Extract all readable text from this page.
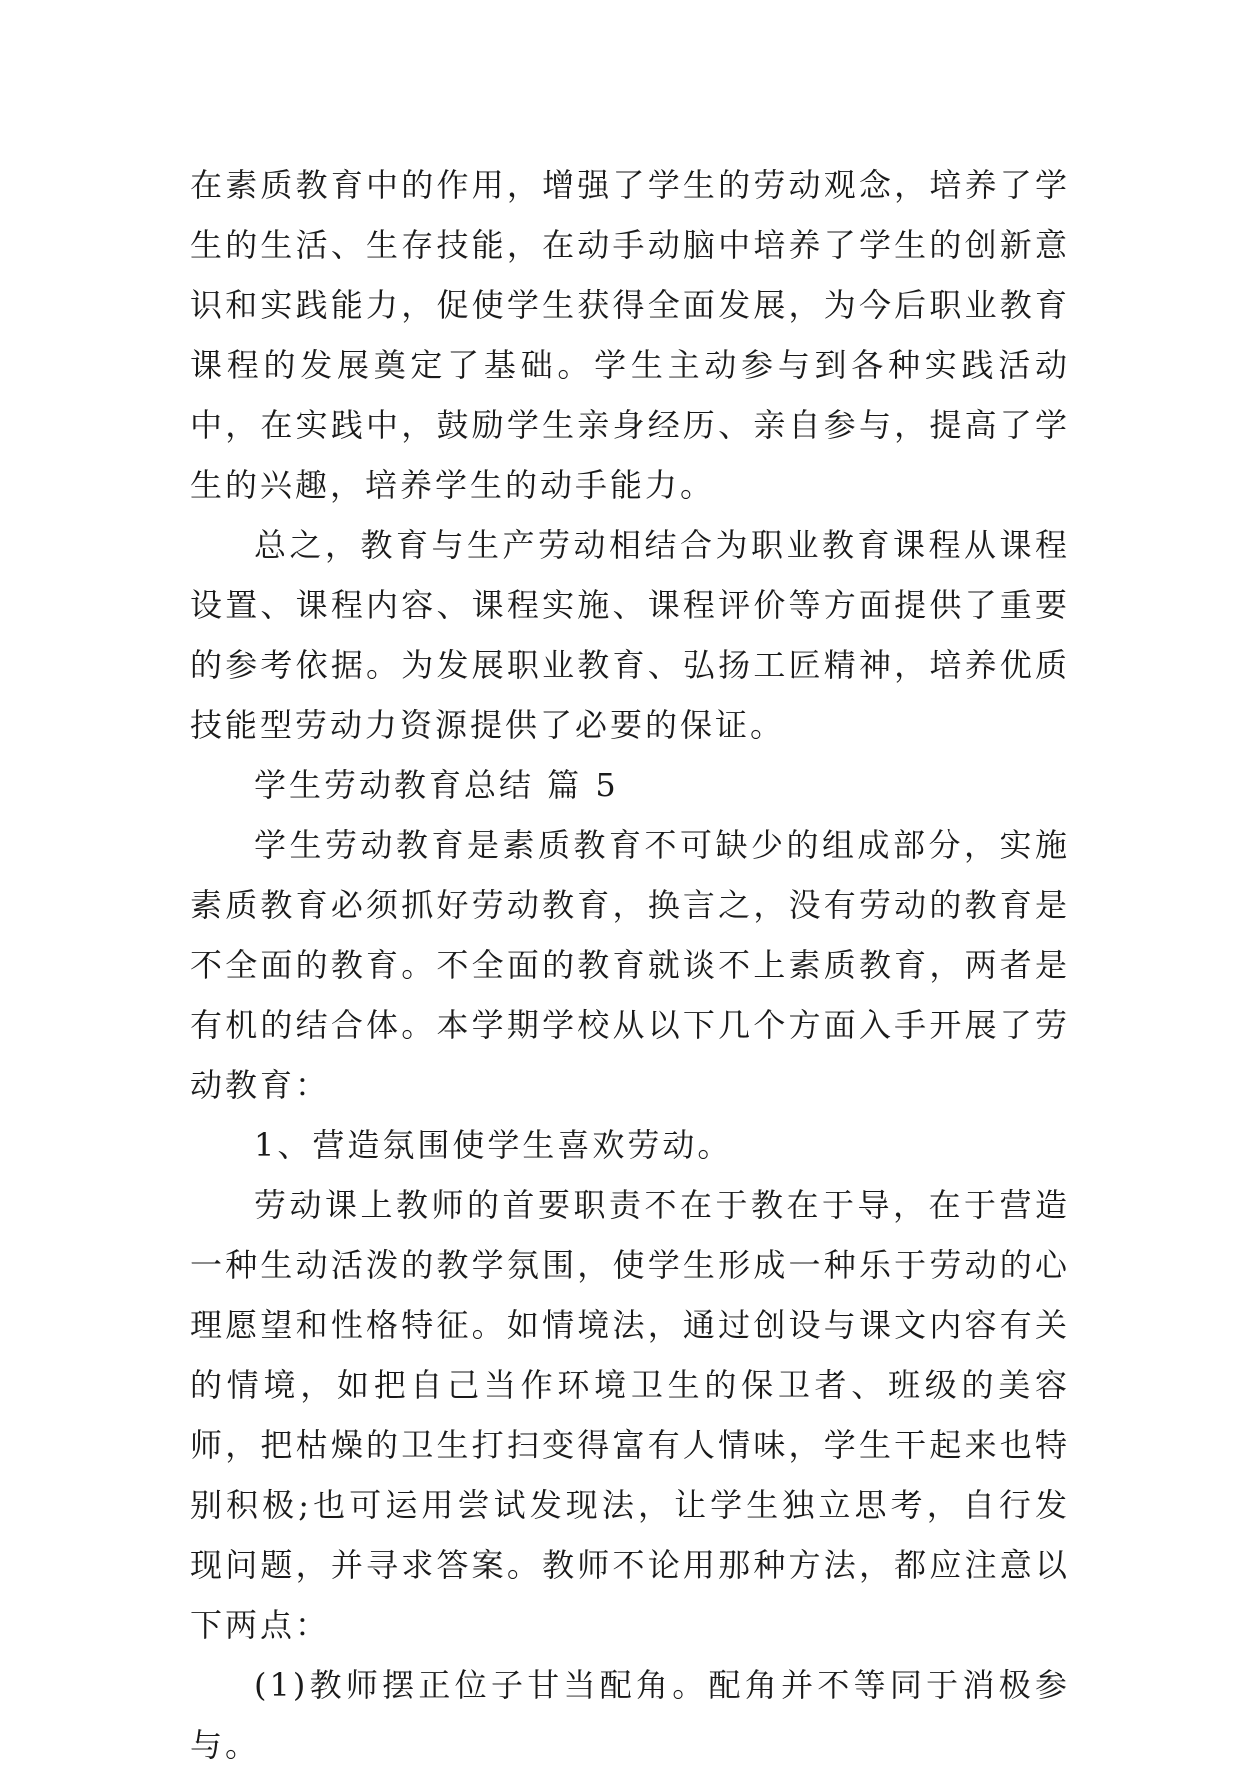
在素质教育中的作用，增强了学生的劳动观念，培养了学生的生活、生存技能，在动手动脑中培养了学生的创新意识和实践能力，促使学生获得全面发展，为今后职业教育课程的发展奠定了基础。学生主动参与到各种实践活动中，在实践中，鼓励学生亲身经历、亲自参与，提高了学生的兴趣，培养学生的动手能力。

总之，教育与生产劳动相结合为职业教育课程从课程设置、课程内容、课程实施、课程评价等方面提供了重要的参考依据。为发展职业教育、弘扬工匠精神，培养优质技能型劳动力资源提供了必要的保证。

学生劳动教育总结 篇 5

学生劳动教育是素质教育不可缺少的组成部分，实施素质教育必须抓好劳动教育，换言之，没有劳动的教育是不全面的教育。不全面的教育就谈不上素质教育，两者是有机的结合体。本学期学校从以下几个方面入手开展了劳动教育：

1、营造氛围使学生喜欢劳动。

劳动课上教师的首要职责不在于教在于导，在于营造一种生动活泼的教学氛围，使学生形成一种乐于劳动的心理愿望和性格特征。如情境法，通过创设与课文内容有关的情境，如把自己当作环境卫生的保卫者、班级的美容师，把枯燥的卫生打扫变得富有人情味，学生干起来也特别积极;也可运用尝试发现法，让学生独立思考，自行发现问题，并寻求答案。教师不论用那种方法，都应注意以下两点：

(1)教师摆正位子甘当配角。配角并不等同于消极参与。
